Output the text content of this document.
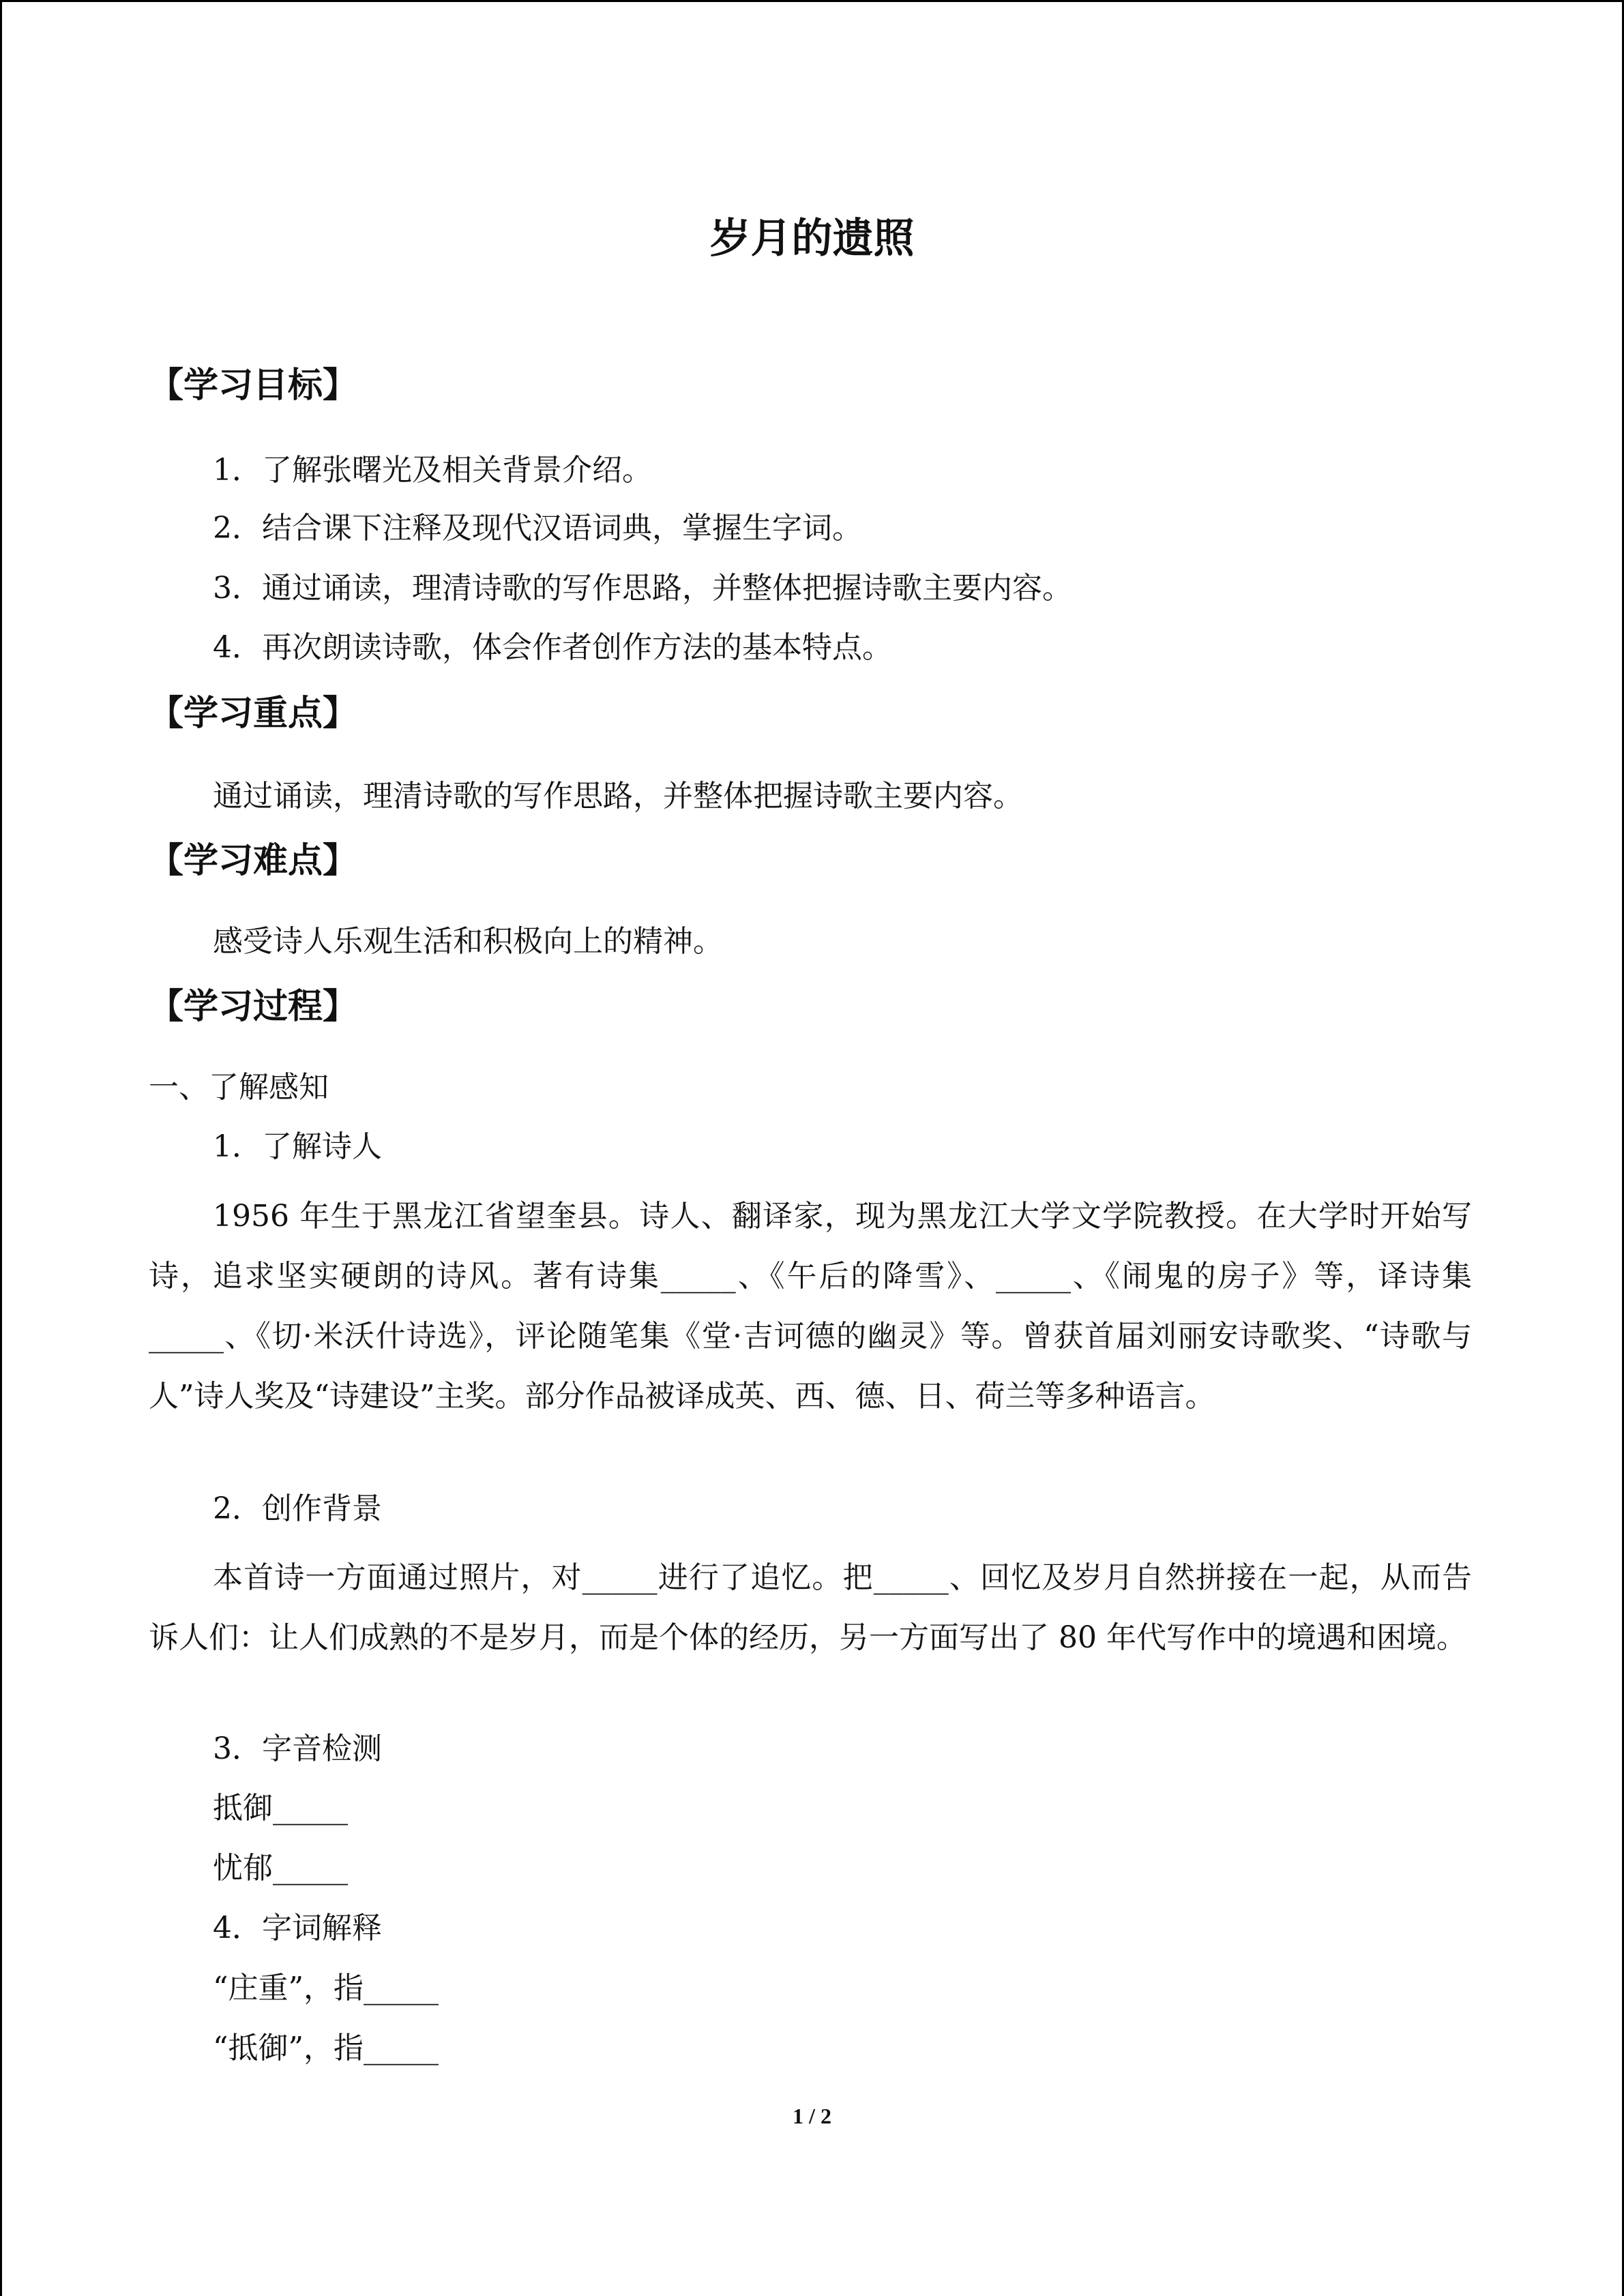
岁月的遗照
【学习目标】
1．了解张曙光及相关背景介绍。
2．结合课下注释及现代汉语词典，掌握生字词。
3．通过诵读，理清诗歌的写作思路，并整体把握诗歌主要内容。
4．再次朗读诗歌，体会作者创作方法的基本特点。
【学习重点】
通过诵读，理清诗歌的写作思路，并整体把握诗歌主要内容。
【学习难点】
感受诗人乐观生活和积极向上的精神。
【学习过程】
一、了解感知
1．了解诗人

1956 年生于黑龙江省望奎县。诗人、翻译家，现为黑龙江大学文学院教授。在大学时开始写诗，追求坚实硬朗的诗风。著有诗集_____、《午后的降雪》、_____、《闹鬼的房子》等，译诗集_____、《切·米沃什诗选》，评论随笔集《堂·吉诃德的幽灵》等。曾获首届刘丽安诗歌奖、“诗歌与人”诗人奖及“诗建设”主奖。部分作品被译成英、西、德、日、荷兰等多种语言。

2．创作背景

本首诗一方面通过照片，对_____进行了追忆。把_____、回忆及岁月自然拼接在一起，从而告诉人们：让人们成熟的不是岁月，而是个体的经历，另一方面写出了 80 年代写作中的境遇和困境。

3．字音检测
抵御_____
忧郁_____
4．字词解释
“庄重”，指_____
“抵御”，指_____
1 / 2
